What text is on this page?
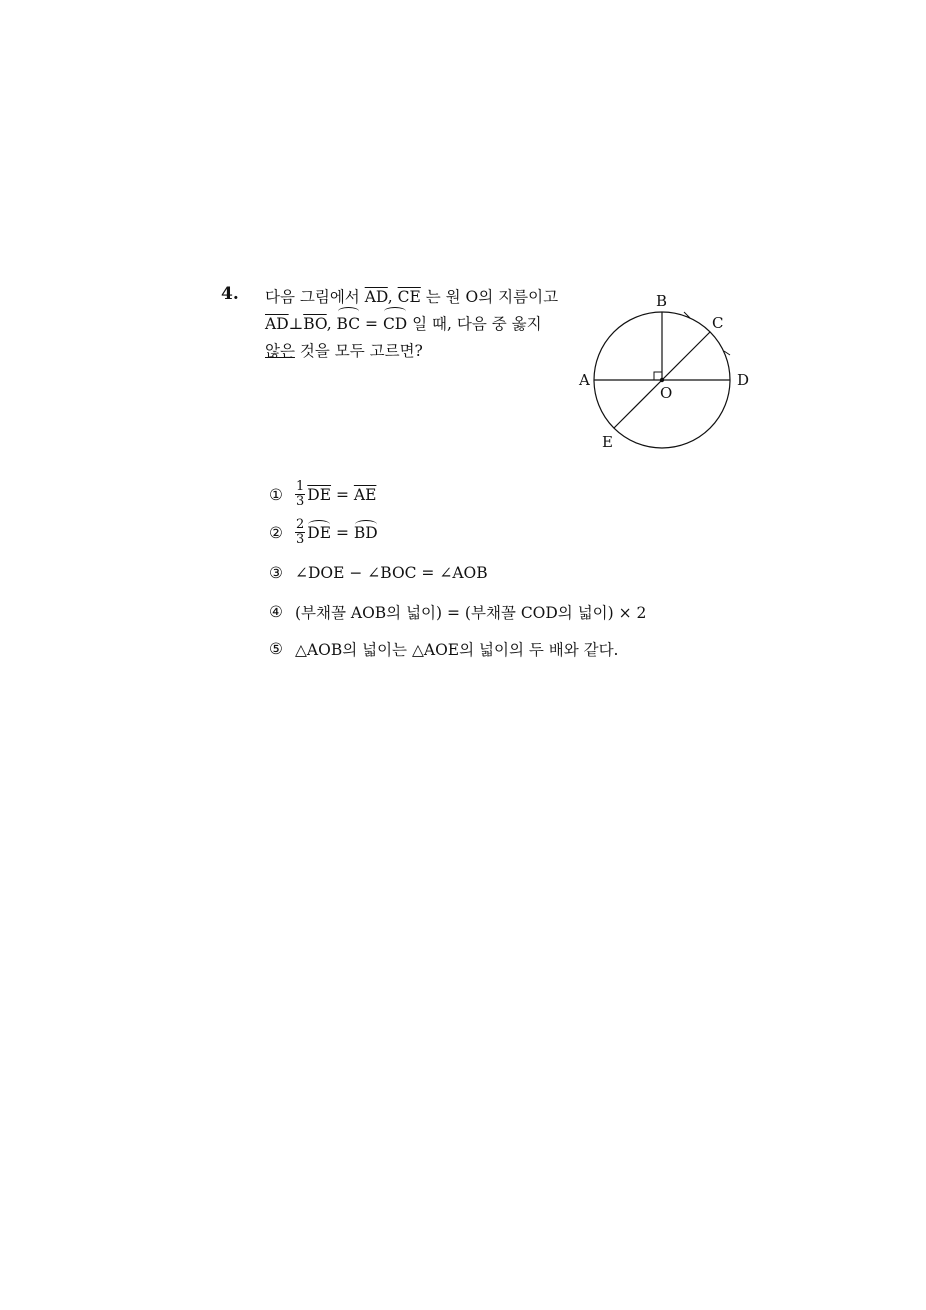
4. 다음 그림에서 $\overline{AD}$, $\overline{CE}$ 는 원 O의 지름이고
$\overline{AD}\perp\overline{BO}$, BC = CD 일 때, 다음 중 옳지
않은 것을 모두 고르면?
B
C
A	D
O
E
① $\frac{1}{3} \overline{DE} = \overline{AE}$
② $\frac{2}{3}$ DE = BD
③ ∠DOE − ∠BOC = ∠AOB
④ (부채꼴 AOB의 넓이) = (부채꼴 COD의 넓이) × 2
⑤ △AOB의 넓이는 △AOE의 넓이의 두 배와 같다.
